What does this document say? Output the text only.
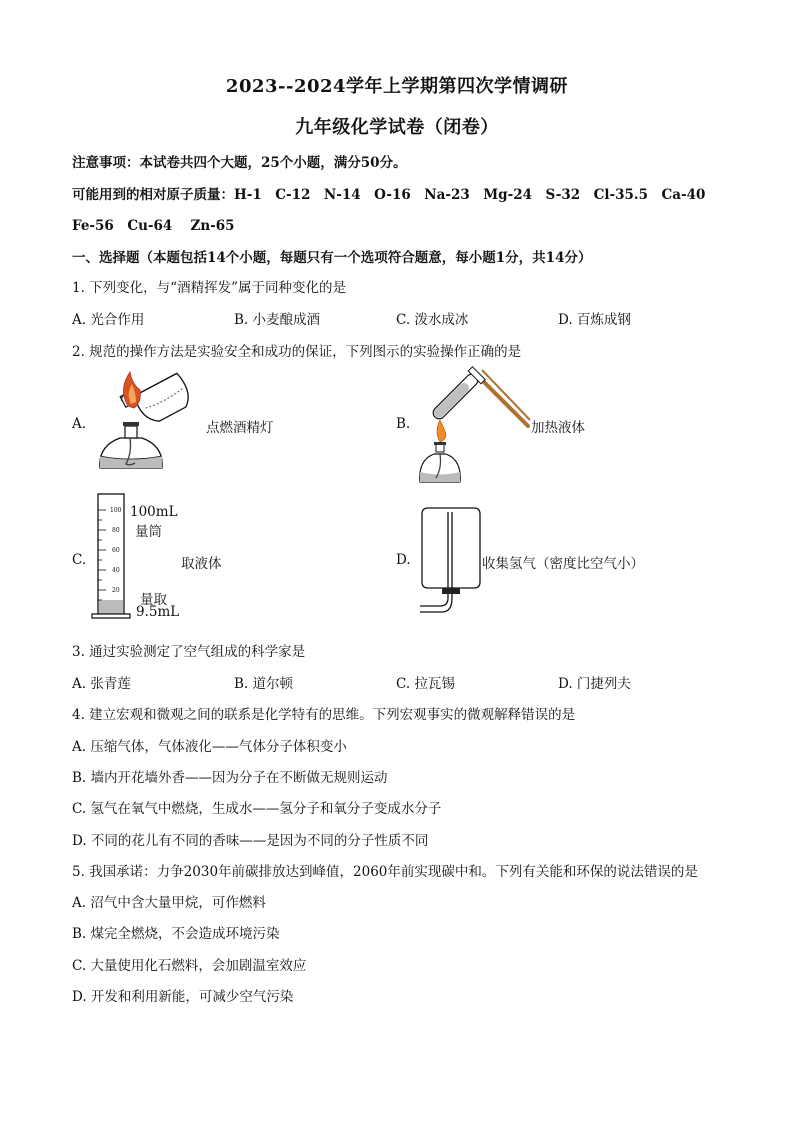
2023--2024学年上学期第四次学情调研
九年级化学试卷（闭卷）
注意事项：本试卷共四个大题，25个小题，满分50分。
可能用到的相对原子质量：H-1　C-12　N-14　O-16　Na-23　Mg-24　S-32　Cl-35.5　Ca-40
Fe-56　Cu-64　 Zn-65
一、选择题（本题包括14个小题，每题只有一个选项符合题意，每小题1分，共14分）
1. 下列变化，与“酒精挥发”属于同种变化的是
A. 光合作用	B. 小麦酿成酒	C. 泼水成冰	D. 百炼成钢
2. 规范的操作方法是实验安全和成功的保证，下列图示的实验操作正确的是
A.	点燃酒精灯	B.	加热液体
C.
100
80
60
40
20
100mL
量筒
量取
9.5mL
取液体	D.	收集氢气（密度比空气小）
3. 通过实验测定了空气组成的科学家是
A. 张青莲	B. 道尔顿	C. 拉瓦锡	D. 门捷列夫
4. 建立宏观和微观之间的联系是化学特有的思维。下列宏观事实的微观解释错误的是
A. 压缩气体，气体液化——气体分子体积变小
B. 墙内开花墙外香——因为分子在不断做无规则运动
C. 氢气在氧气中燃烧，生成水——氢分子和氧分子变成水分子
D. 不同的花儿有不同的香味——是因为不同的分子性质不同
5. 我国承诺：力争2030年前碳排放达到峰值，2060年前实现碳中和。下列有关能和环保的说法错误的是
A. 沼气中含大量甲烷，可作燃料
B. 煤完全燃烧，不会造成环境污染
C. 大量使用化石燃料，会加剧温室效应
D. 开发和利用新能，可减少空气污染
